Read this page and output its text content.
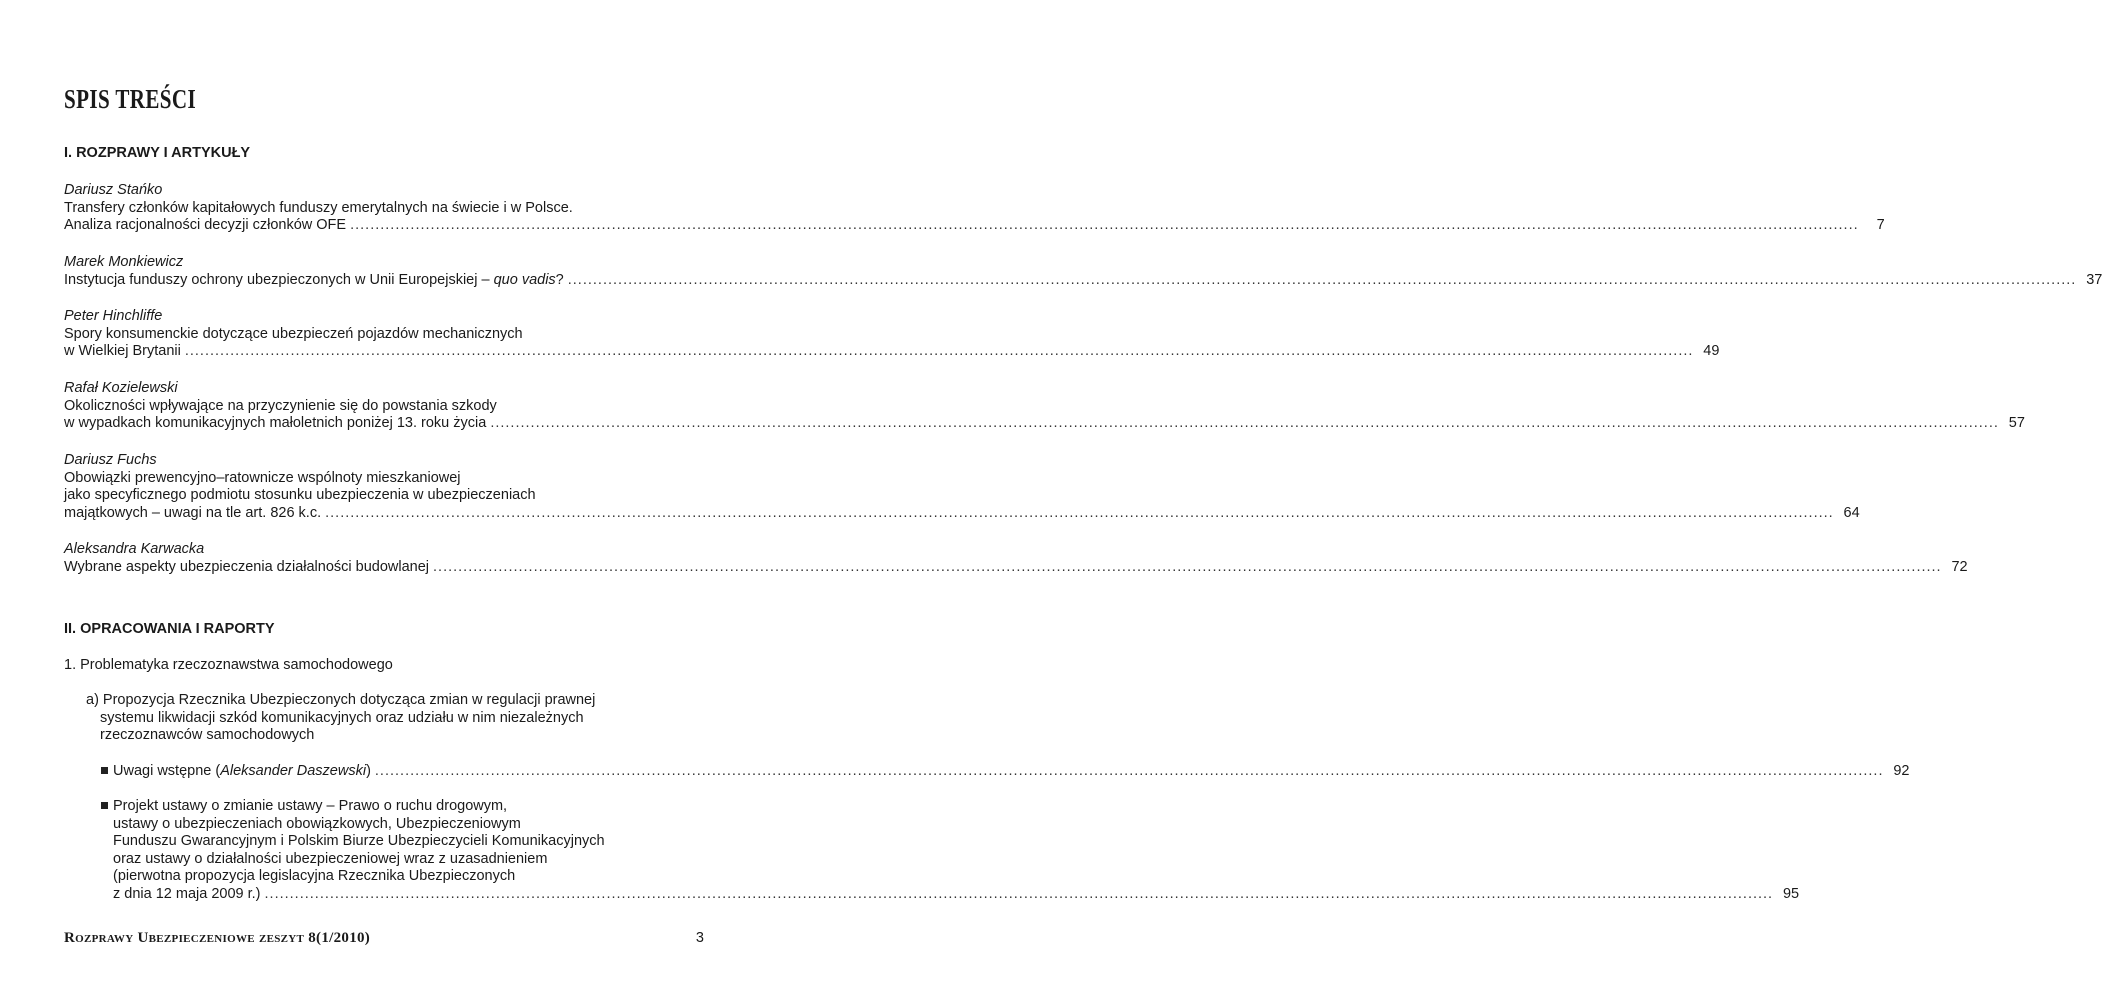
SPIS TREŚCI
I. ROZPRAWY I ARTYKUŁY
Dariusz Stańko
Transfery członków kapitałowych funduszy emerytalnych na świecie i w Polsce.
Analiza racjonalności decyzji członków OFE ............................................................................................................................................................................................................................................................................................................	7
Marek Monkiewicz
Instytucja funduszy ochrony ubezpieczonych w Unii Europejskiej – quo vadis? ............................................................................................................................................................................................................................................................................................................ 37
Peter Hinchliffe
Spory konsumenckie dotyczące ubezpieczeń pojazdów mechanicznych
w Wielkiej Brytanii ............................................................................................................................................................................................................................................................................................................ 49
Rafał Kozielewski
Okoliczności wpływające na przyczynienie się do powstania szkody
w wypadkach komunikacyjnych małoletnich poniżej 13. roku życia ............................................................................................................................................................................................................................................................................................................ 57
Dariusz Fuchs
Obowiązki prewencyjno–ratownicze wspólnoty mieszkaniowej
jako specyficznego podmiotu stosunku ubezpieczenia w ubezpieczeniach
majątkowych – uwagi na tle art. 826 k.c. ............................................................................................................................................................................................................................................................................................................ 64
Aleksandra Karwacka
Wybrane aspekty ubezpieczenia działalności budowlanej ............................................................................................................................................................................................................................................................................................................ 72
II. OPRACOWANIA I RAPORTY
1. Problematyka rzeczoznawstwa samochodowego
a) Propozycja Rzecznika Ubezpieczonych dotycząca zmian w regulacji prawnej
systemu likwidacji szkód komunikacyjnych oraz udziału w nim niezależnych
rzeczoznawców samochodowych
Uwagi wstępne (Aleksander Daszewski) ............................................................................................................................................................................................................................................................................................................ 92
Projekt ustawy o zmianie ustawy – Prawo o ruchu drogowym,
ustawy o ubezpieczeniach obowiązkowych, Ubezpieczeniowym
Funduszu Gwarancyjnym i Polskim Biurze Ubezpieczycieli Komunikacyjnych
oraz ustawy o działalności ubezpieczeniowej wraz z uzasadnieniem
(pierwotna propozycja legislacyjna Rzecznika Ubezpieczonych
z dnia 12 maja 2009 r.) ............................................................................................................................................................................................................................................................................................................ 95
Rozprawy Ubezpieczeniowe zeszyt 8(1/2010)	3
